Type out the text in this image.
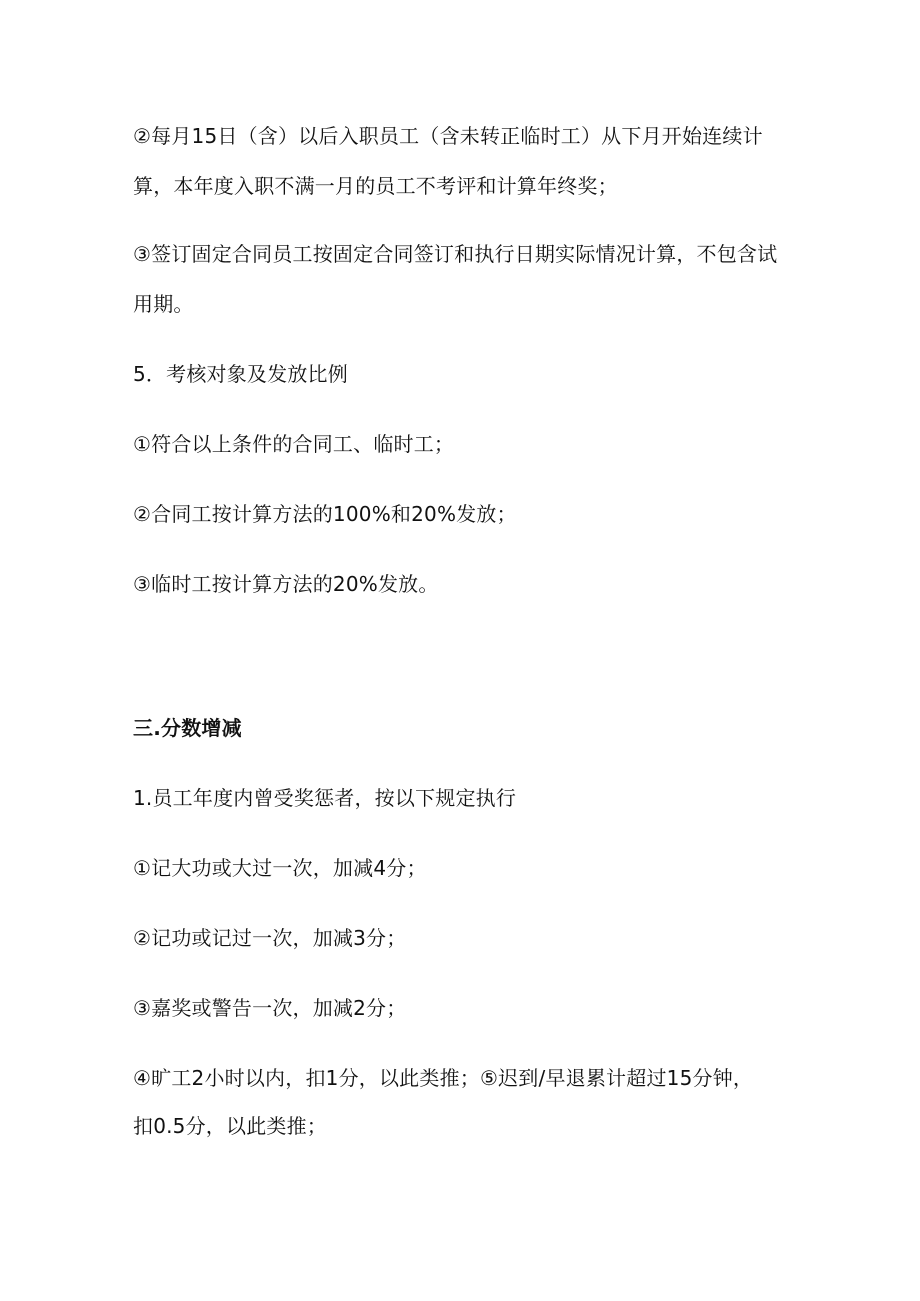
②每月15日（含）以后入职员工（含未转正临时工）从下月开始连续计
算，本年度入职不满一月的员工不考评和计算年终奖；
③签订固定合同员工按固定合同签订和执行日期实际情况计算，不包含试
用期。
5．考核对象及发放比例
①符合以上条件的合同工、临时工；
②合同工按计算方法的100%和20%发放；
③临时工按计算方法的20%发放。
三.分数增减
1.员工年度内曾受奖惩者，按以下规定执行
①记大功或大过一次，加减4分；
②记功或记过一次，加减3分；
③嘉奖或警告一次，加减2分；
④旷工2小时以内，扣1分，以此类推；⑤迟到/早退累计超过15分钟，
扣0.5分，以此类推；
